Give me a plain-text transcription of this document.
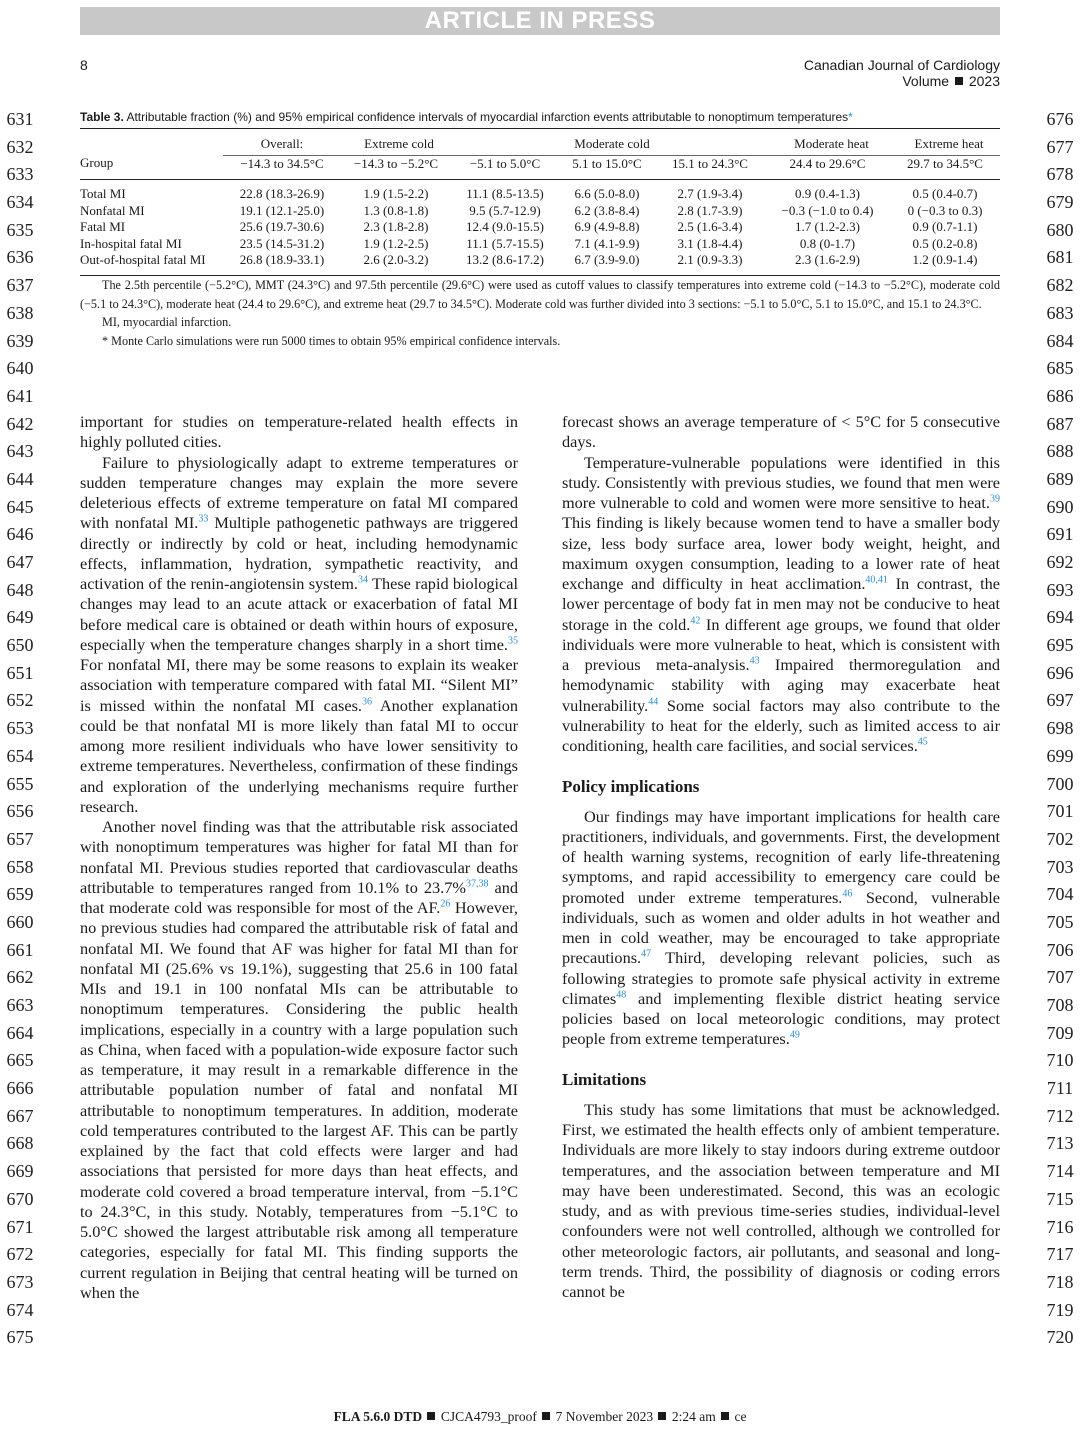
ARTICLE IN PRESS
8	Canadian Journal of Cardiology
Volume 2023
631
632
633
634
635
636
637
638
639
640
641
642
643
644
645
646
647
648
649
650
651
652
653
654
655
656
657
658
659
660
661
662
663
664
665
666
667
668
669
670
671
672
673
674
675
676
677
678
679
680
681
682
683
684
685
686
687
688
689
690
691
692
693
694
695
696
697
698
699
700
701
702
703
704
705
706
707
708
709
710
711
712
713
714
715
716
717
718
719
720
Table 3. Attributable fraction (%) and 95% empirical confidence intervals of myocardial infarction events attributable to nonoptimum temperatures*
	Overall:	Extreme cold	Moderate cold			Moderate heat	Extreme heat
Group	−14.3 to 34.5°C	−14.3 to −5.2°C	−5.1 to 5.0°C	5.1 to 15.0°C	15.1 to 24.3°C	24.4 to 29.6°C	29.7 to 34.5°C
Total MI	22.8 (18.3-26.9)	1.9 (1.5-2.2)	11.1 (8.5-13.5)	6.6 (5.0-8.0)	2.7 (1.9-3.4)	0.9 (0.4-1.3)	0.5 (0.4-0.7)
Nonfatal MI	19.1 (12.1-25.0)	1.3 (0.8-1.8)	9.5 (5.7-12.9)	6.2 (3.8-8.4)	2.8 (1.7-3.9)	−0.3 (−1.0 to 0.4)	0 (−0.3 to 0.3)
Fatal MI	25.6 (19.7-30.6)	2.3 (1.8-2.8)	12.4 (9.0-15.5)	6.9 (4.9-8.8)	2.5 (1.6-3.4)	1.7 (1.2-2.3)	0.9 (0.7-1.1)
In-hospital fatal MI	23.5 (14.5-31.2)	1.9 (1.2-2.5)	11.1 (5.7-15.5)	7.1 (4.1-9.9)	3.1 (1.8-4.4)	0.8 (0-1.7)	0.5 (0.2-0.8)
Out-of-hospital fatal MI	26.8 (18.9-33.1)	2.6 (2.0-3.2)	13.2 (8.6-17.2)	6.7 (3.9-9.0)	2.1 (0.9-3.3)	2.3 (1.6-2.9)	1.2 (0.9-1.4)

The 2.5th percentile (−5.2°C), MMT (24.3°C) and 97.5th percentile (29.6°C) were used as cutoff values to classify temperatures into extreme cold (−14.3 to −5.2°C), moderate cold (−5.1 to 24.3°C), moderate heat (24.4 to 29.6°C), and extreme heat (29.7 to 34.5°C). Moderate cold was further divided into 3 sections: −5.1 to 5.0°C, 5.1 to 15.0°C, and 15.1 to 24.3°C.

MI, myocardial infarction.

* Monte Carlo simulations were run 5000 times to obtain 95% empirical confidence intervals.

important for studies on temperature-related health effects in highly polluted cities.

Failure to physiologically adapt to extreme temperatures or sudden temperature changes may explain the more severe deleterious effects of extreme temperature on fatal MI compared with nonfatal MI.$^{33}$ Multiple pathogenetic pathways are triggered directly or indirectly by cold or heat, including hemodynamic effects, inflammation, hydration, sympathetic reactivity, and activation of the renin-angiotensin system.$^{34}$ These rapid biological changes may lead to an acute attack or exacerbation of fatal MI before medical care is obtained or death within hours of exposure, especially when the temperature changes sharply in a short time.$^{35}$ For nonfatal MI, there may be some reasons to explain its weaker association with temperature compared with fatal MI. “Silent MI” is missed within the nonfatal MI cases.$^{36}$ Another explanation could be that nonfatal MI is more likely than fatal MI to occur among more resilient individuals who have lower sensitivity to extreme temperatures. Nevertheless, confirmation of these findings and exploration of the underlying mechanisms require further research.

Another novel finding was that the attributable risk associated with nonoptimum temperatures was higher for fatal MI than for nonfatal MI. Previous studies reported that cardiovascular deaths attributable to temperatures ranged from 10.1% to 23.7%$^{37,38}$ and that moderate cold was responsible for most of the AF.$^{26}$ However, no previous studies had compared the attributable risk of fatal and nonfatal MI. We found that AF was higher for fatal MI than for nonfatal MI (25.6% vs 19.1%), suggesting that 25.6 in 100 fatal MIs and 19.1 in 100 nonfatal MIs can be attributable to nonoptimum temperatures. Considering the public health implications, especially in a country with a large population such as China, when faced with a population-wide exposure factor such as temperature, it may result in a remarkable difference in the attributable population number of fatal and nonfatal MI attributable to nonoptimum temperatures. In addition, moderate cold temperatures contributed to the largest AF. This can be partly explained by the fact that cold effects were larger and had associations that persisted for more days than heat effects, and moderate cold covered a broad temperature interval, from −5.1°C to 24.3°C, in this study. Notably, temperatures from −5.1°C to 5.0°C showed the largest attributable risk among all temperature categories, especially for fatal MI. This finding supports the current regulation in Beijing that central heating will be turned on when the

forecast shows an average temperature of < 5°C for 5 consecutive days.

Temperature-vulnerable populations were identified in this study. Consistently with previous studies, we found that men were more vulnerable to cold and women were more sensitive to heat.$^{39}$ This finding is likely because women tend to have a smaller body size, less body surface area, lower body weight, height, and maximum oxygen consumption, leading to a lower rate of heat exchange and difficulty in heat acclimation.$^{40,41}$ In contrast, the lower percentage of body fat in men may not be conducive to heat storage in the cold.$^{42}$ In different age groups, we found that older individuals were more vulnerable to heat, which is consistent with a previous meta-analysis.$^{43}$ Impaired thermoregulation and hemodynamic stability with aging may exacerbate heat vulnerability.$^{44}$ Some social factors may also contribute to the vulnerability to heat for the elderly, such as limited access to air conditioning, health care facilities, and social services.$^{45}$

Policy implications

Our findings may have important implications for health care practitioners, individuals, and governments. First, the development of health warning systems, recognition of early life-threatening symptoms, and rapid accessibility to emergency care could be promoted under extreme temperatures.$^{46}$ Second, vulnerable individuals, such as women and older adults in hot weather and men in cold weather, may be encouraged to take appropriate precautions.$^{47}$ Third, developing relevant policies, such as following strategies to promote safe physical activity in extreme climates$^{48}$ and implementing flexible district heating service policies based on local meteorologic conditions, may protect people from extreme temperatures.$^{49}$

Limitations

This study has some limitations that must be acknowledged. First, we estimated the health effects only of ambient temperature. Individuals are more likely to stay indoors during extreme outdoor temperatures, and the association between temperature and MI may have been underestimated. Second, this was an ecologic study, and as with previous time-series studies, individual-level confounders were not well controlled, although we controlled for other meteorologic factors, air pollutants, and seasonal and long-term trends. Third, the possibility of diagnosis or coding errors cannot be

FLA 5.6.0 DTD CJCA4793_proof 7 November 2023 2:24 am ce
